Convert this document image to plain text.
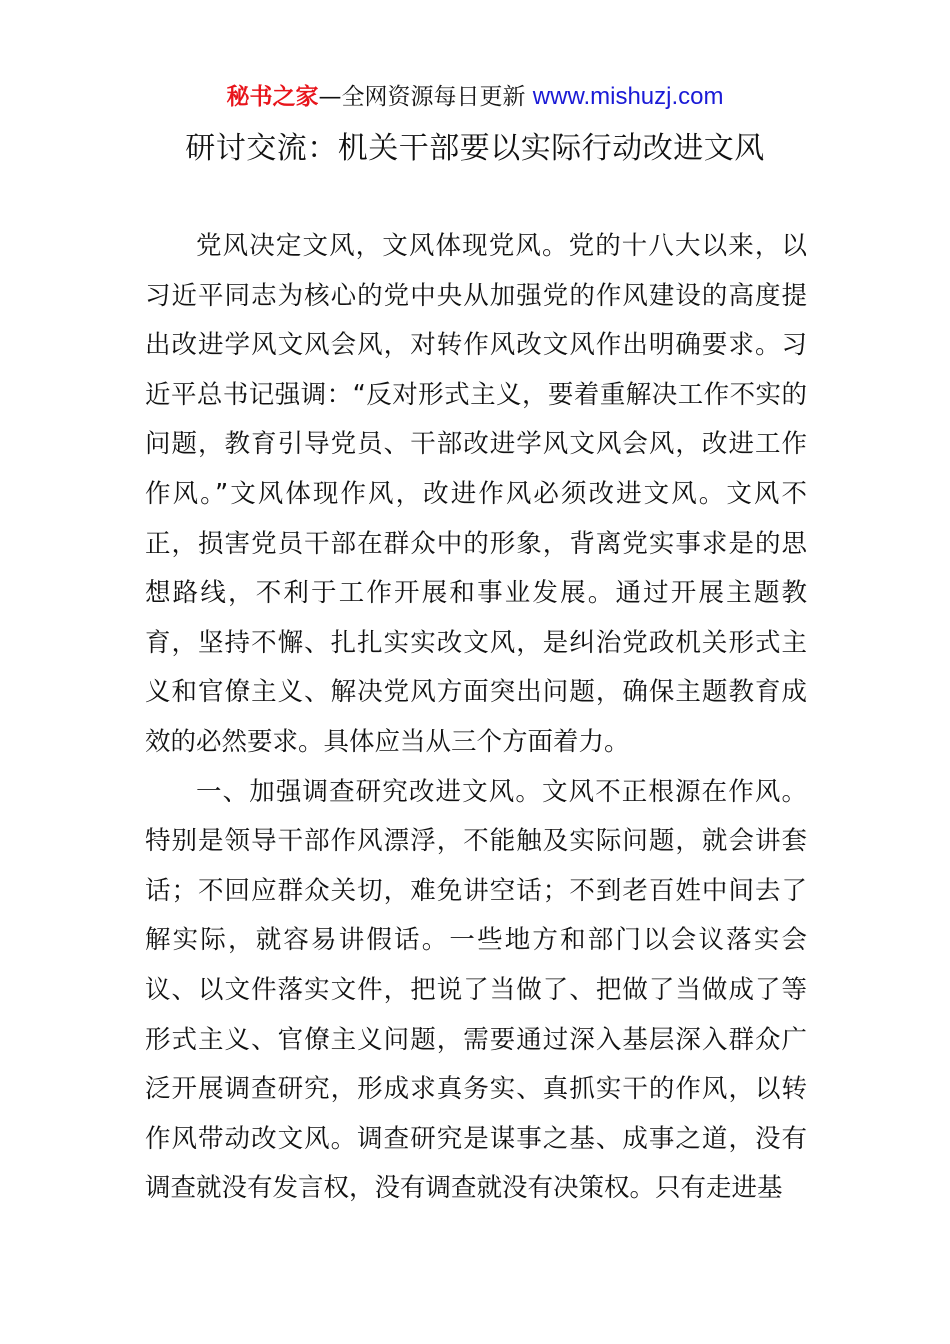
秘书之家—全网资源每日更新 www.mishuzj.com
研讨交流：机关干部要以实际行动改进文风

党风决定文风，文风体现党风。党的十八大以来，以习近平同志为核心的党中央从加强党的作风建设的高度提出改进学风文风会风，对转作风改文风作出明确要求。习近平总书记强调：“反对形式主义，要着重解决工作不实的问题，教育引导党员、干部改进学风文风会风，改进工作作风。”文风体现作风，改进作风必须改进文风。文风不正，损害党员干部在群众中的形象，背离党实事求是的思想路线，不利于工作开展和事业发展。通过开展主题教育，坚持不懈、扎扎实实改文风，是纠治党政机关形式主义和官僚主义、解决党风方面突出问题，确保主题教育成效的必然要求。具体应当从三个方面着力。

一、加强调查研究改进文风。文风不正根源在作风。特别是领导干部作风漂浮，不能触及实际问题，就会讲套话；不回应群众关切，难免讲空话；不到老百姓中间去了解实际，就容易讲假话。一些地方和部门以会议落实会议、以文件落实文件，把说了当做了、把做了当做成了等形式主义、官僚主义问题，需要通过深入基层深入群众广泛开展调查研究，形成求真务实、真抓实干的作风，以转作风带动改文风。调查研究是谋事之基、成事之道，没有调查就没有发言权，没有调查就没有决策权。只有走进基
